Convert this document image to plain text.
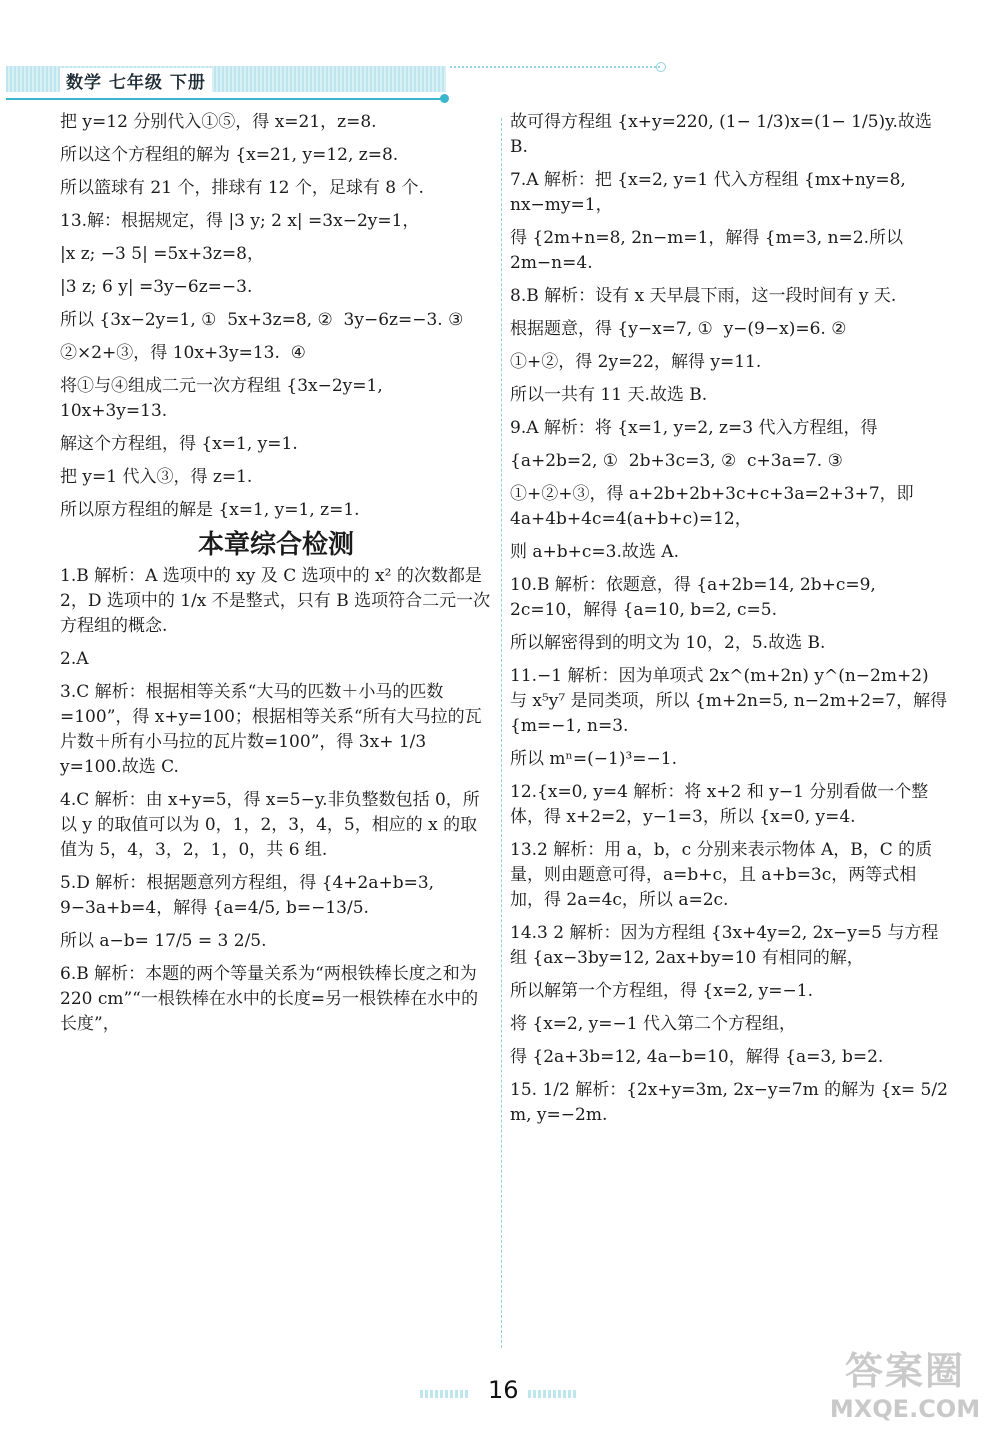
数学 七年级 下册

把 y=12 分别代入①⑤，得 x=21，z=8.

所以这个方程组的解为 {x=21, y=12, z=8.

所以篮球有 21 个，排球有 12 个，足球有 8 个.

13.解：根据规定，得 |3 y; 2 x| =3x−2y=1，

|x z; −3 5| =5x+3z=8，

|3 z; 6 y| =3y−6z=−3.

所以 {3x−2y=1, ①  5x+3z=8, ②  3y−6z=−3. ③

②×2+③，得 10x+3y=13.  ④

将①与④组成二元一次方程组 {3x−2y=1, 10x+3y=13.

解这个方程组，得 {x=1, y=1.

把 y=1 代入③，得 z=1.

所以原方程组的解是 {x=1, y=1, z=1.

本章综合检测

1.B 解析：A 选项中的 xy 及 C 选项中的 x² 的次数都是 2，D 选项中的 1/x 不是整式，只有 B 选项符合二元一次方程组的概念.

2.A

3.C 解析：根据相等关系“大马的匹数＋小马的匹数=100”，得 x+y=100；根据相等关系“所有大马拉的瓦片数＋所有小马拉的瓦片数=100”，得 3x+ 1/3 y=100.故选 C.

4.C 解析：由 x+y=5，得 x=5−y.非负整数包括 0，所以 y 的取值可以为 0，1，2，3，4，5，相应的 x 的取值为 5，4，3，2，1，0，共 6 组.

5.D 解析：根据题意列方程组，得 {4+2a+b=3, 9−3a+b=4，解得 {a=4/5, b=−13/5.

所以 a−b= 17/5 = 3 2/5.

6.B 解析：本题的两个等量关系为“两根铁棒长度之和为 220 cm”“一根铁棒在水中的长度=另一根铁棒在水中的长度”，

故可得方程组 {x+y=220, (1− 1/3)x=(1− 1/5)y.故选 B.

7.A 解析：把 {x=2, y=1 代入方程组 {mx+ny=8, nx−my=1，

得 {2m+n=8, 2n−m=1，解得 {m=3, n=2.所以 2m−n=4.

8.B 解析：设有 x 天早晨下雨，这一段时间有 y 天.

根据题意，得 {y−x=7, ①  y−(9−x)=6. ②

①+②，得 2y=22，解得 y=11.

所以一共有 11 天.故选 B.

9.A 解析：将 {x=1, y=2, z=3 代入方程组，得

{a+2b=2, ①  2b+3c=3, ②  c+3a=7. ③

①+②+③，得 a+2b+2b+3c+c+3a=2+3+7，即 4a+4b+4c=4(a+b+c)=12，

则 a+b+c=3.故选 A.

10.B 解析：依题意，得 {a+2b=14, 2b+c=9, 2c=10，解得 {a=10, b=2, c=5.

所以解密得到的明文为 10，2，5.故选 B.

11.−1 解析：因为单项式 2x^(m+2n) y^(n−2m+2) 与 x⁵y⁷ 是同类项，所以 {m+2n=5, n−2m+2=7，解得 {m=−1, n=3.

所以 mⁿ=(−1)³=−1.

12.{x=0, y=4 解析：将 x+2 和 y−1 分别看做一个整体，得 x+2=2，y−1=3，所以 {x=0, y=4.

13.2 解析：用 a，b，c 分别来表示物体 A，B，C 的质量，则由题意可得，a=b+c，且 a+b=3c，两等式相加，得 2a=4c，所以 a=2c.

14.3 2 解析：因为方程组 {3x+4y=2, 2x−y=5 与方程组 {ax−3by=12, 2ax+by=10 有相同的解，

所以解第一个方程组，得 {x=2, y=−1.

将 {x=2, y=−1 代入第二个方程组，

得 {2a+3b=12, 4a−b=10，解得 {a=3, b=2.

15. 1/2 解析：{2x+y=3m, 2x−y=7m 的解为 {x= 5/2 m, y=−2m.

16	答案圈
MXQE.COM
